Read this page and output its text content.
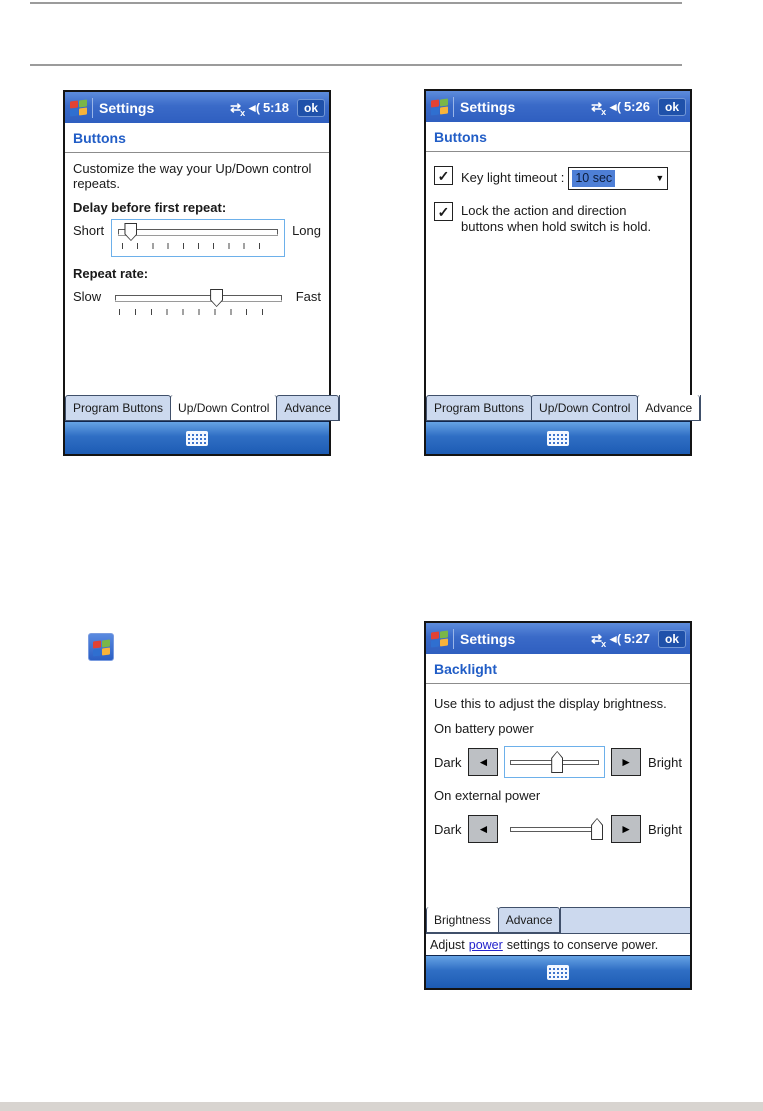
Settings	⇄
x ◄( 5:18	ok
Buttons
Customize the way your Up/Down control repeats.
Delay before first repeat:
Short	Long
Repeat rate:
Slow	Fast
Program Buttons	Up/Down Control	Advance
Settings	⇄
x ◄( 5:26	ok
Buttons
✓ Key light timeout : 10 sec	▼
✓ Lock the action and direction buttons when hold switch is hold.
Program Buttons	Up/Down Control	Advance
Settings	⇄
x ◄( 5:27	ok
Backlight
Use this to adjust the display brightness.
On battery power
Dark ◄	► Bright
On external power
Dark ◄	► Bright
Brightness	Advance
Adjust power settings to conserve power.
